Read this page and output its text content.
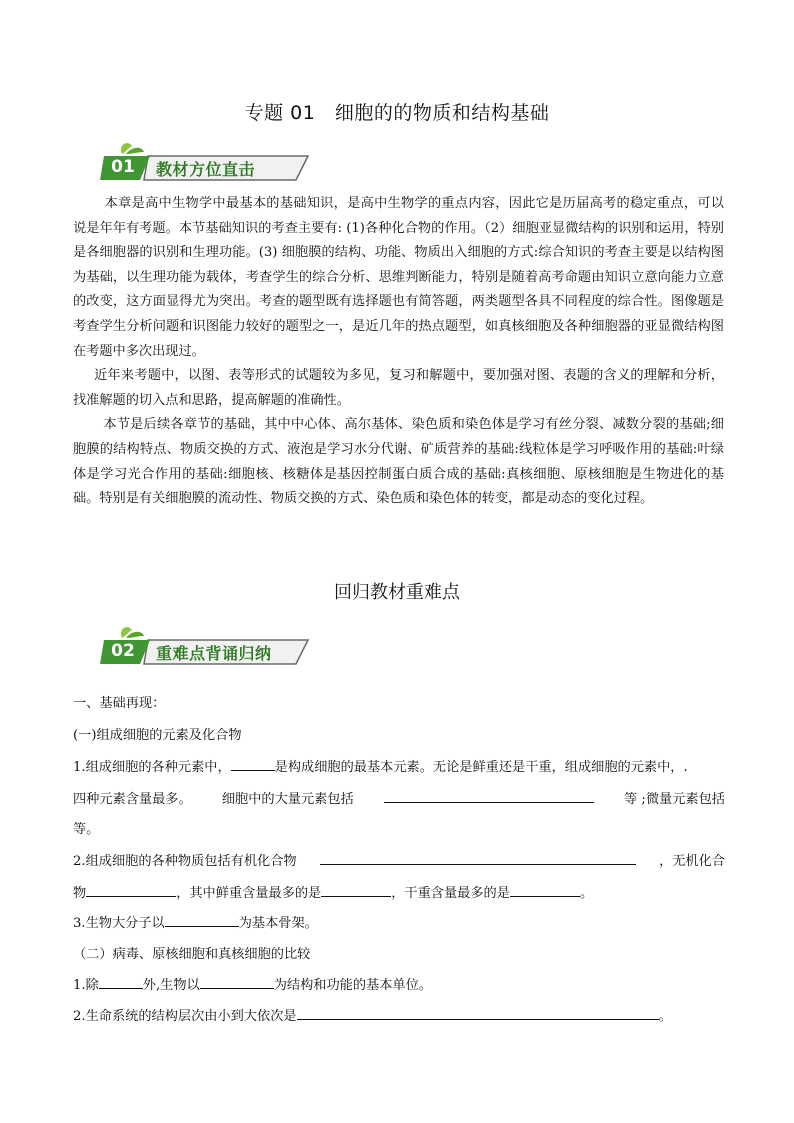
专题 01　细胞的的物质和结构基础
01	教材方位直击

本章是高中生物学中最基本的基础知识，是高中生物学的重点内容，因此它是历届高考的稳定重点，可以说是年年有考题。本节基础知识的考查主要有: (1)各种化合物的作用。（2）细胞亚显微结构的识别和运用，特别是各细胞器的识别和生理功能。(3) 细胞膜的结构、功能、物质出入细胞的方式:综合知识的考查主要是以结构图为基础，以生理功能为载体，考查学生的综合分析、思维判断能力，特别是随着高考命题由知识立意向能力立意的改变，这方面显得尤为突出。考查的题型既有选择题也有简答题，两类题型各具不同程度的综合性。图像题是考查学生分析问题和识图能力较好的题型之一，是近几年的热点题型，如真核细胞及各种细胞器的亚显微结构图在考题中多次出现过。

近年来考题中，以图、表等形式的试题较为多见，复习和解题中，要加强对图、表题的含义的理解和分析，找准解题的切入点和思路，提高解题的准确性。

本节是后续各章节的基础，其中中心体、高尔基体、染色质和染色体是学习有丝分裂、减数分裂的基础;细胞膜的结构特点、物质交换的方式、液泡是学习水分代谢、矿质营养的基础:线粒体是学习呼吸作用的基础:叶绿体是学习光合作用的基础:细胞核、核糖体是基因控制蛋白质合成的基础:真核细胞、原核细胞是生物进化的基础。特别是有关细胞膜的流动性、物质交换的方式、染色质和染色体的转变，都是动态的变化过程。

回归教材重难点
02	重难点背诵归纳
一、基础再现：
(一)组成细胞的元素及化合物
1.组成细胞的各种元素中，	是构成细胞的最基本元素。无论是鲜重还是干重，组成细胞的元素中，.
四种元素含量最多。 细胞中的大量元素包括	等 ;微量元素包括
等。
2.组成细胞的各种物质包括有机化合物	，无机化合
物	，其中鲜重含量最多的是	，干重含量最多的是	。
3.生物大分子以	为基本骨架。
（二）病毒、原核细胞和真核细胞的比较
1.除	外,生物以	为结构和功能的基本单位。
2.生命系统的结构层次由小到大依次是	。
